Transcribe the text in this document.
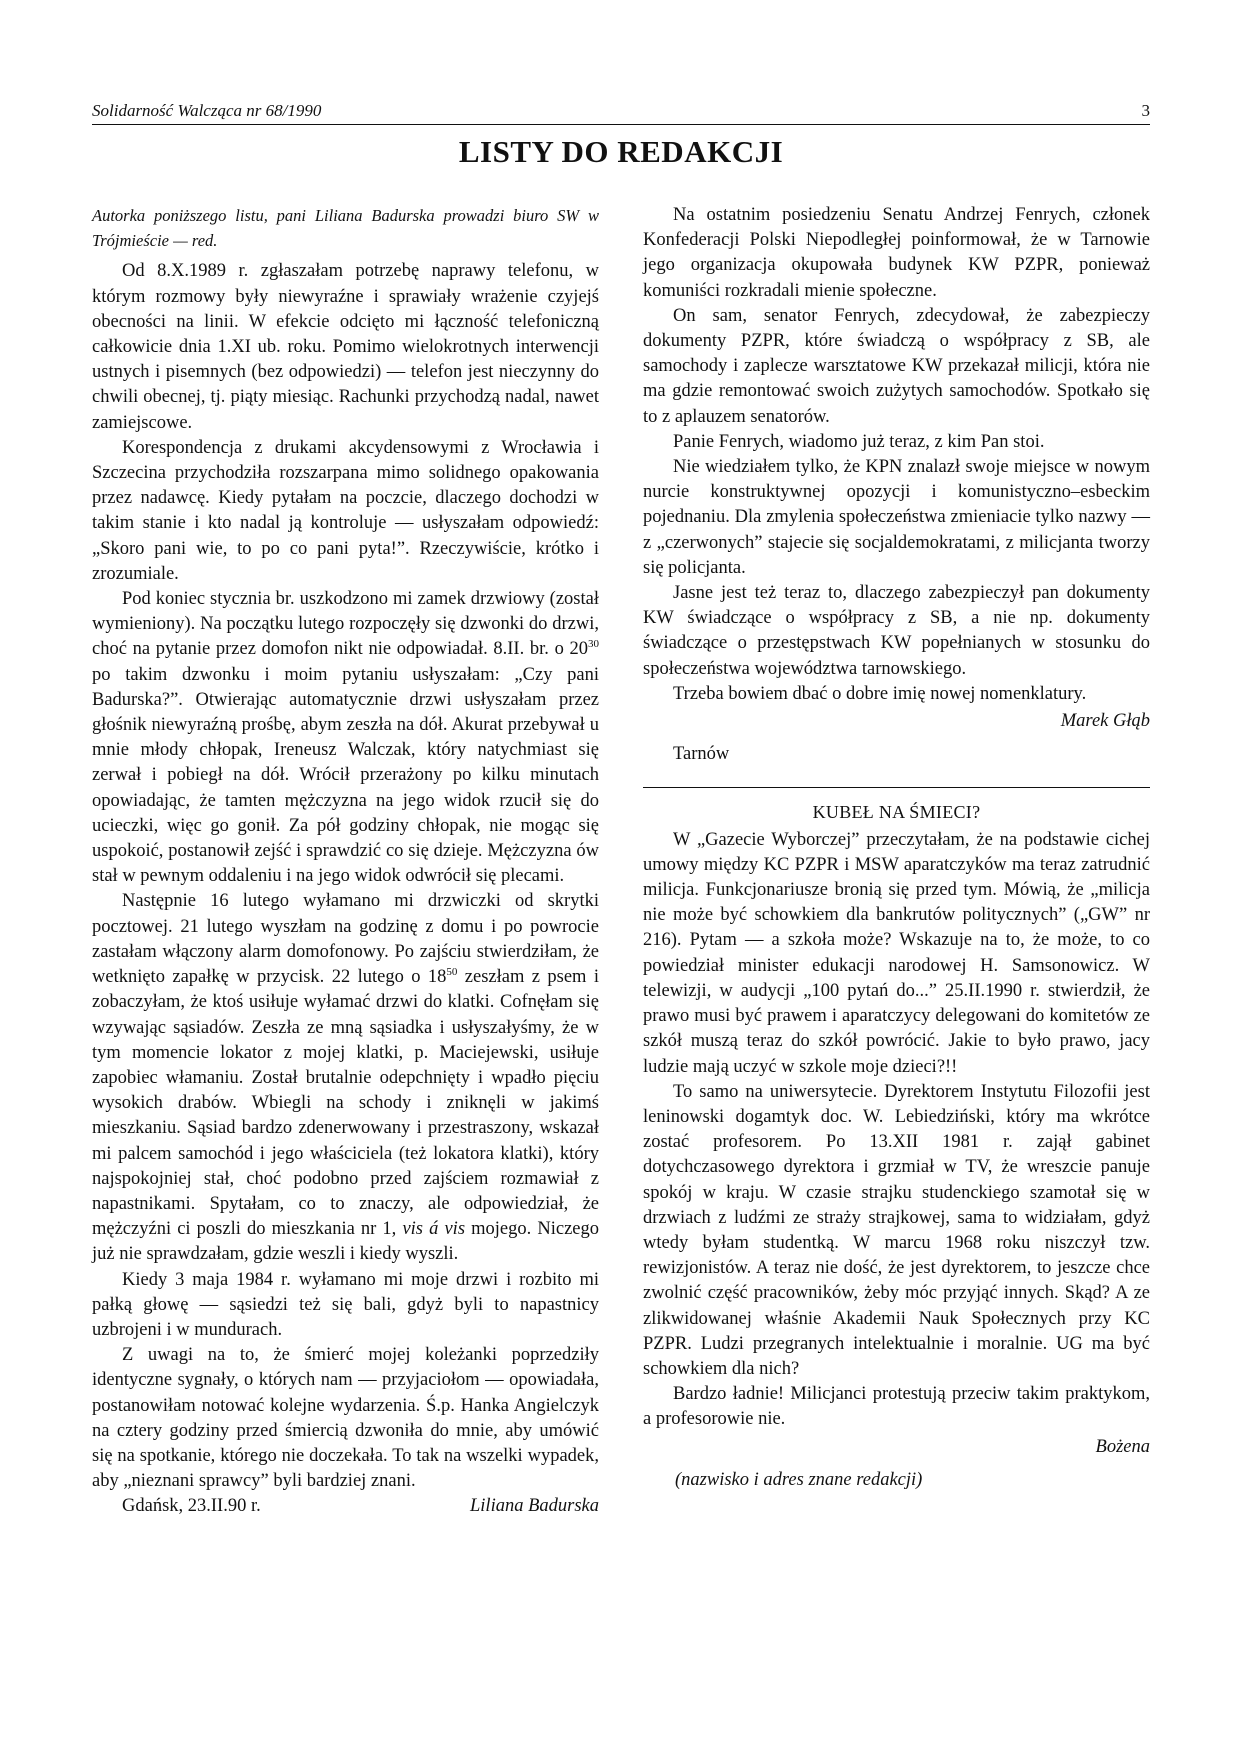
Solidarność Walcząca nr 68/1990	3
LISTY DO REDAKCJI

Autorka poniższego listu, pani Liliana Badurska prowadzi biuro SW w Trójmieście — red.

Od 8.X.1989 r. zgłaszałam potrzebę naprawy telefonu, w którym rozmowy były niewyraźne i sprawiały wrażenie czyjejś obecności na linii. W efekcie odcięto mi łączność telefoniczną całkowicie dnia 1.XI ub. roku. Pomimo wielokrotnych interwencji ustnych i pisemnych (bez odpowiedzi) — telefon jest nieczynny do chwili obecnej, tj. piąty miesiąc. Rachunki przychodzą nadal, nawet zamiejscowe.

Korespondencja z drukami akcydensowymi z Wrocławia i Szczecina przychodziła rozszarpana mimo solidnego opakowania przez nadawcę. Kiedy pytałam na poczcie, dlaczego dochodzi w takim stanie i kto nadal ją kontroluje — usłyszałam odpowiedź: „Skoro pani wie, to po co pani pyta!”. Rzeczywiście, krótko i zrozumiale.

Pod koniec stycznia br. uszkodzono mi zamek drzwiowy (został wymieniony). Na początku lutego rozpoczęły się dzwonki do drzwi, choć na pytanie przez domofon nikt nie odpowiadał. 8.II. br. o $20^{30}$ po takim dzwonku i moim pytaniu usłyszałam: „Czy pani Badurska?”. Otwierając automatycznie drzwi usłyszałam przez głośnik niewyraźną prośbę, abym zeszła na dół. Akurat przebywał u mnie młody chłopak, Ireneusz Walczak, który natychmiast się zerwał i pobiegł na dół. Wrócił przerażony po kilku minutach opowiadając, że tamten mężczyzna na jego widok rzucił się do ucieczki, więc go gonił. Za pół godziny chłopak, nie mogąc się uspokoić, postanowił zejść i sprawdzić co się dzieje. Mężczyzna ów stał w pewnym oddaleniu i na jego widok odwrócił się plecami.

Następnie 16 lutego wyłamano mi drzwiczki od skrytki pocztowej. 21 lutego wyszłam na godzinę z domu i po powrocie zastałam włączony alarm domofonowy. Po zajściu stwierdziłam, że wetknięto zapałkę w przycisk. 22 lutego o $18^{50}$ zeszłam z psem i zobaczyłam, że ktoś usiłuje wyłamać drzwi do klatki. Cofnęłam się wzywając sąsiadów. Zeszła ze mną sąsiadka i usłyszałyśmy, że w tym momencie lokator z mojej klatki, p. Maciejewski, usiłuje zapobiec włamaniu. Został brutalnie odepchnięty i wpadło pięciu wysokich drabów. Wbiegli na schody i zniknęli w jakimś mieszkaniu. Sąsiad bardzo zdenerwowany i przestraszony, wskazał mi palcem samochód i jego właściciela (też lokatora klatki), który najspokojniej stał, choć podobno przed zajściem rozmawiał z napastnikami. Spytałam, co to znaczy, ale odpowiedział, że mężczyźni ci poszli do mieszkania nr 1, vis á vis mojego. Niczego już nie sprawdzałam, gdzie weszli i kiedy wyszli.

Kiedy 3 maja 1984 r. wyłamano mi moje drzwi i rozbito mi pałką głowę — sąsiedzi też się bali, gdyż byli to napastnicy uzbrojeni i w mundurach.

Z uwagi na to, że śmierć mojej koleżanki poprzedziły identyczne sygnały, o których nam — przyjaciołom — opowiadała, postanowiłam notować kolejne wydarzenia. Ś.p. Hanka Angielczyk na cztery godziny przed śmiercią dzwoniła do mnie, aby umówić się na spotkanie, którego nie doczekała. To tak na wszelki wypadek, aby „nieznani sprawcy” byli bardziej znani.

Gdańsk, 23.II.90 r.	Liliana Badurska

Na ostatnim posiedzeniu Senatu Andrzej Fenrych, członek Konfederacji Polski Niepodległej poinformował, że w Tarnowie jego organizacja okupowała budynek KW PZPR, ponieważ komuniści rozkradali mienie społeczne.

On sam, senator Fenrych, zdecydował, że zabezpieczy dokumenty PZPR, które świadczą o współpracy z SB, ale samochody i zaplecze warsztatowe KW przekazał milicji, która nie ma gdzie remontować swoich zużytych samochodów. Spotkało się to z aplauzem senatorów.

Panie Fenrych, wiadomo już teraz, z kim Pan stoi.

Nie wiedziałem tylko, że KPN znalazł swoje miejsce w nowym nurcie konstruktywnej opozycji i komunistyczno–esbeckim pojednaniu. Dla zmylenia społeczeństwa zmieniacie tylko nazwy — z „czerwonych” stajecie się socjaldemokratami, z milicjanta tworzy się policjanta.

Jasne jest też teraz to, dlaczego zabezpieczył pan dokumenty KW świadczące o współpracy z SB, a nie np. dokumenty świadczące o przestępstwach KW popełnianych w stosunku do społeczeństwa województwa tarnowskiego.

Trzeba bowiem dbać o dobre imię nowej nomenklatury.

Marek Głąb
Tarnów
KUBEŁ NA ŚMIECI?

W „Gazecie Wyborczej” przeczytałam, że na podstawie cichej umowy między KC PZPR i MSW aparatczyków ma teraz zatrudnić milicja. Funkcjonariusze bronią się przed tym. Mówią, że „milicja nie może być schowkiem dla bankrutów politycznych” („GW” nr 216). Pytam — a szkoła może? Wskazuje na to, że może, to co powiedział minister edukacji narodowej H. Samsonowicz. W telewizji, w audycji „100 pytań do...” 25.II.1990 r. stwierdził, że prawo musi być prawem i aparatczycy delegowani do komitetów ze szkół muszą teraz do szkół powrócić. Jakie to było prawo, jacy ludzie mają uczyć w szkole moje dzieci?!!

To samo na uniwersytecie. Dyrektorem Instytutu Filozofii jest leninowski dogamtyk doc. W. Lebiedziński, który ma wkrótce zostać profesorem. Po 13.XII 1981 r. zajął gabinet dotychczasowego dyrektora i grzmiał w TV, że wreszcie panuje spokój w kraju. W czasie strajku studenckiego szamotał się w drzwiach z ludźmi ze straży strajkowej, sama to widziałam, gdyż wtedy byłam studentką. W marcu 1968 roku niszczył tzw. rewizjonistów. A teraz nie dość, że jest dyrektorem, to jeszcze chce zwolnić część pracowników, żeby móc przyjąć innych. Skąd? A ze zlikwidowanej właśnie Akademii Nauk Społecznych przy KC PZPR. Ludzi przegranych intelektualnie i moralnie. UG ma być schowkiem dla nich?

Bardzo ładnie! Milicjanci protestują przeciw takim praktykom, a profesorowie nie.

Bożena
(nazwisko i adres znane redakcji)
